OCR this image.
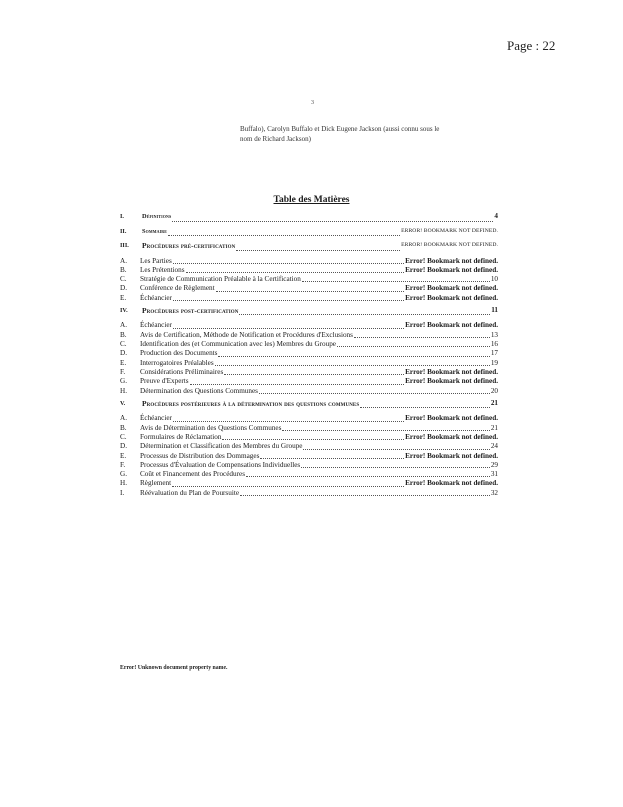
Page : 22
3
Buffalo), Carolyn Buffalo et Dick Eugene Jackson (aussi connu sous le nom de Richard Jackson)
Table des Matières
I.	Définitions	4
II.	Sommaire	ERROR! BOOKMARK NOT DEFINED.
III.	Procédures pré-certification	ERROR! BOOKMARK NOT DEFINED.
A.	Les Parties	Error! Bookmark not defined.
B.	Les Prétentions	Error! Bookmark not defined.
C.	Stratégie de Communication Préalable à la Certification	10
D.	Conférence de Règlement	Error! Bookmark not defined.
E.	Échéancier	Error! Bookmark not defined.
IV.	Procédures post-certification	11
A.	Échéancier	Error! Bookmark not defined.
B.	Avis de Certification, Méthode de Notification et Procédures d'Exclusions	13
C.	Identification des (et Communication avec les) Membres du Groupe	16
D.	Production des Documents	17
E.	Interrogatoires Préalables	19
F.	Considérations Préliminaires	Error! Bookmark not defined.
G.	Preuve d'Experts	Error! Bookmark not defined.
H.	Détermination des Questions Communes	20
V.	Procédures postérieures à la détermination des questions communes	21
A.	Échéancier	Error! Bookmark not defined.
B.	Avis de Détermination des Questions Communes	21
C.	Formulaires de Réclamation	Error! Bookmark not defined.
D.	Détermination et Classification des Membres du Groupe	24
E.	Processus de Distribution des Dommages	Error! Bookmark not defined.
F.	Processus d'Évaluation de Compensations Individuelles	29
G.	Coût et Financement des Procédures	31
H.	Règlement	Error! Bookmark not defined.
I.	Réévaluation du Plan de Poursuite	32
Error! Unknown document property name.
